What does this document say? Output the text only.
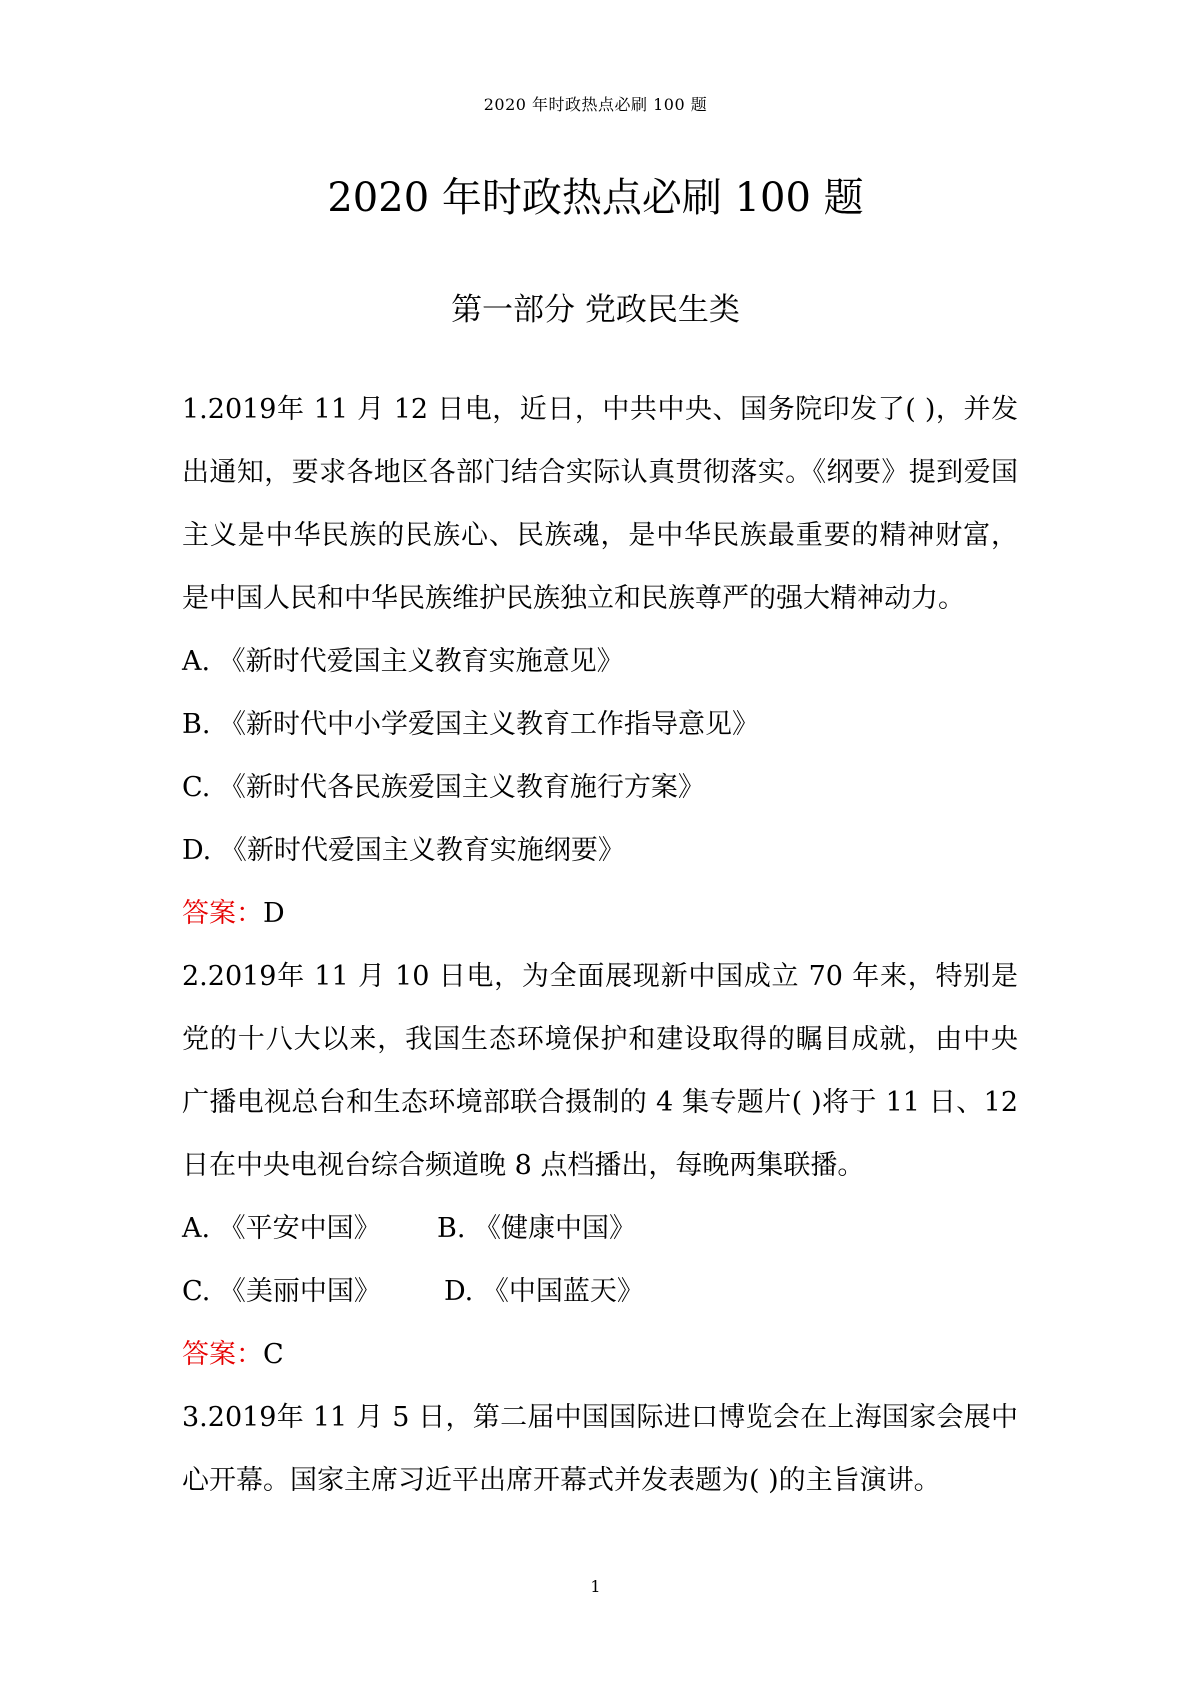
2020 年时政热点必刷 100 题
2020 年时政热点必刷 100 题
第一部分 党政民生类

1.2019年 11 月 12 日电，近日，中共中央、国务院印发了( )，并发出通知，要求各地区各部门结合实际认真贯彻落实。《纲要》提到爱国主义是中华民族的民族心、民族魂，是中华民族最重要的精神财富，是中国人民和中华民族维护民族独立和民族尊严的强大精神动力。

A. 《新时代爱国主义教育实施意见》

B. 《新时代中小学爱国主义教育工作指导意见》

C. 《新时代各民族爱国主义教育施行方案》

D. 《新时代爱国主义教育实施纲要》

答案：D

2.2019年 11 月 10 日电，为全面展现新中国成立 70 年来，特别是党的十八大以来，我国生态环境保护和建设取得的瞩目成就，由中央广播电视总台和生态环境部联合摄制的 4 集专题片( )将于 11 日、12 日在中央电视台综合频道晚 8 点档播出，每晚两集联播。

A. 《平安中国》	B. 《健康中国》
C. 《美丽中国》	D. 《中国蓝天》

答案：C

3.2019年 11 月 5 日，第二届中国国际进口博览会在上海国家会展中心开幕。国家主席习近平出席开幕式并发表题为( )的主旨演讲。

1
